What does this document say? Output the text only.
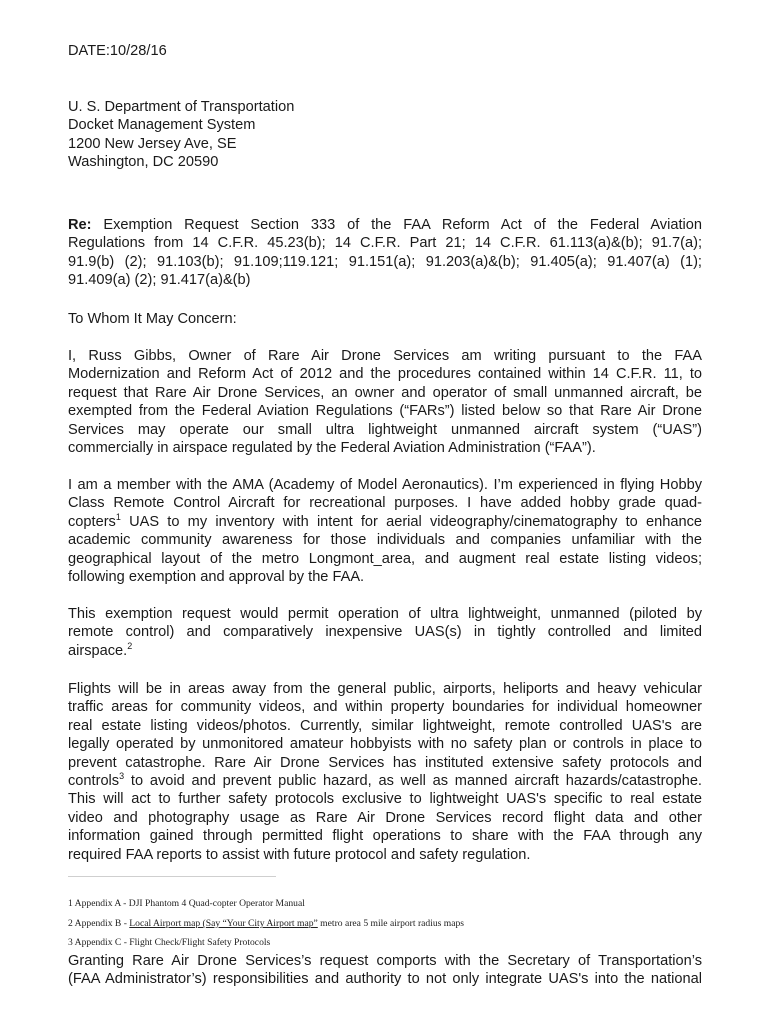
DATE:10/28/16
U. S. Department of Transportation
Docket Management System
1200 New Jersey Ave, SE
Washington, DC 20590
Re: Exemption Request Section 333 of the FAA Reform Act of the Federal Aviation
Regulations from 14 C.F.R. 45.23(b); 14 C.F.R. Part 21; 14 C.F.R. 61.113(a)&(b); 91.7(a);
91.9(b) (2); 91.103(b); 91.109;119.121; 91.151(a); 91.203(a)&(b); 91.405(a); 91.407(a) (1);
91.409(a) (2); 91.417(a)&(b)
To Whom It May Concern:
I, Russ Gibbs, Owner of Rare Air Drone Services am writing pursuant to the FAA
Modernization and Reform Act of 2012 and the procedures contained within 14 C.F.R. 11, to
request that Rare Air Drone Services, an owner and operator of small unmanned aircraft, be
exempted from the Federal Aviation Regulations (“FARs”) listed below so that Rare Air Drone
Services may operate our small ultra lightweight unmanned aircraft system (“UAS”)
commercially in airspace regulated by the Federal Aviation Administration (“FAA”).
I am a member with the AMA (Academy of Model Aeronautics). I’m experienced in flying Hobby
Class Remote Control Aircraft for recreational purposes. I have added hobby grade quad-
copters$^1$ UAS to my inventory with intent for aerial videography/cinematography to enhance
academic community awareness for those individuals and companies unfamiliar with the
geographical layout of the metro Longmont_area, and augment real estate listing videos;
following exemption and approval by the FAA.
This exemption request would permit operation of ultra lightweight, unmanned (piloted by
remote control) and comparatively inexpensive UAS(s) in tightly controlled and limited
airspace.$^2$
Flights will be in areas away from the general public, airports, heliports and heavy vehicular
traffic areas for community videos, and within property boundaries for individual homeowner
real estate listing videos/photos. Currently, similar lightweight, remote controlled UAS's are
legally operated by unmonitored amateur hobbyists with no safety plan or controls in place to
prevent catastrophe. Rare Air Drone Services has instituted extensive safety protocols and
controls$^3$ to avoid and prevent public hazard, as well as manned aircraft hazards/catastrophe.
This will act to further safety protocols exclusive to lightweight UAS's specific to real estate
video and photography usage as Rare Air Drone Services record flight data and other
information gained through permitted flight operations to share with the FAA through any
required FAA reports to assist with future protocol and safety regulation.
1 Appendix A - DJI Phantom 4 Quad-copter Operator Manual
2 Appendix B - Local Airport map (Say “Your City Airport map” metro area 5 mile airport radius maps
3 Appendix C - Flight Check/Flight Safety Protocols
Granting Rare Air Drone Services’s request comports with the Secretary of Transportation’s
(FAA Administrator’s) responsibilities and authority to not only integrate UAS's into the national
